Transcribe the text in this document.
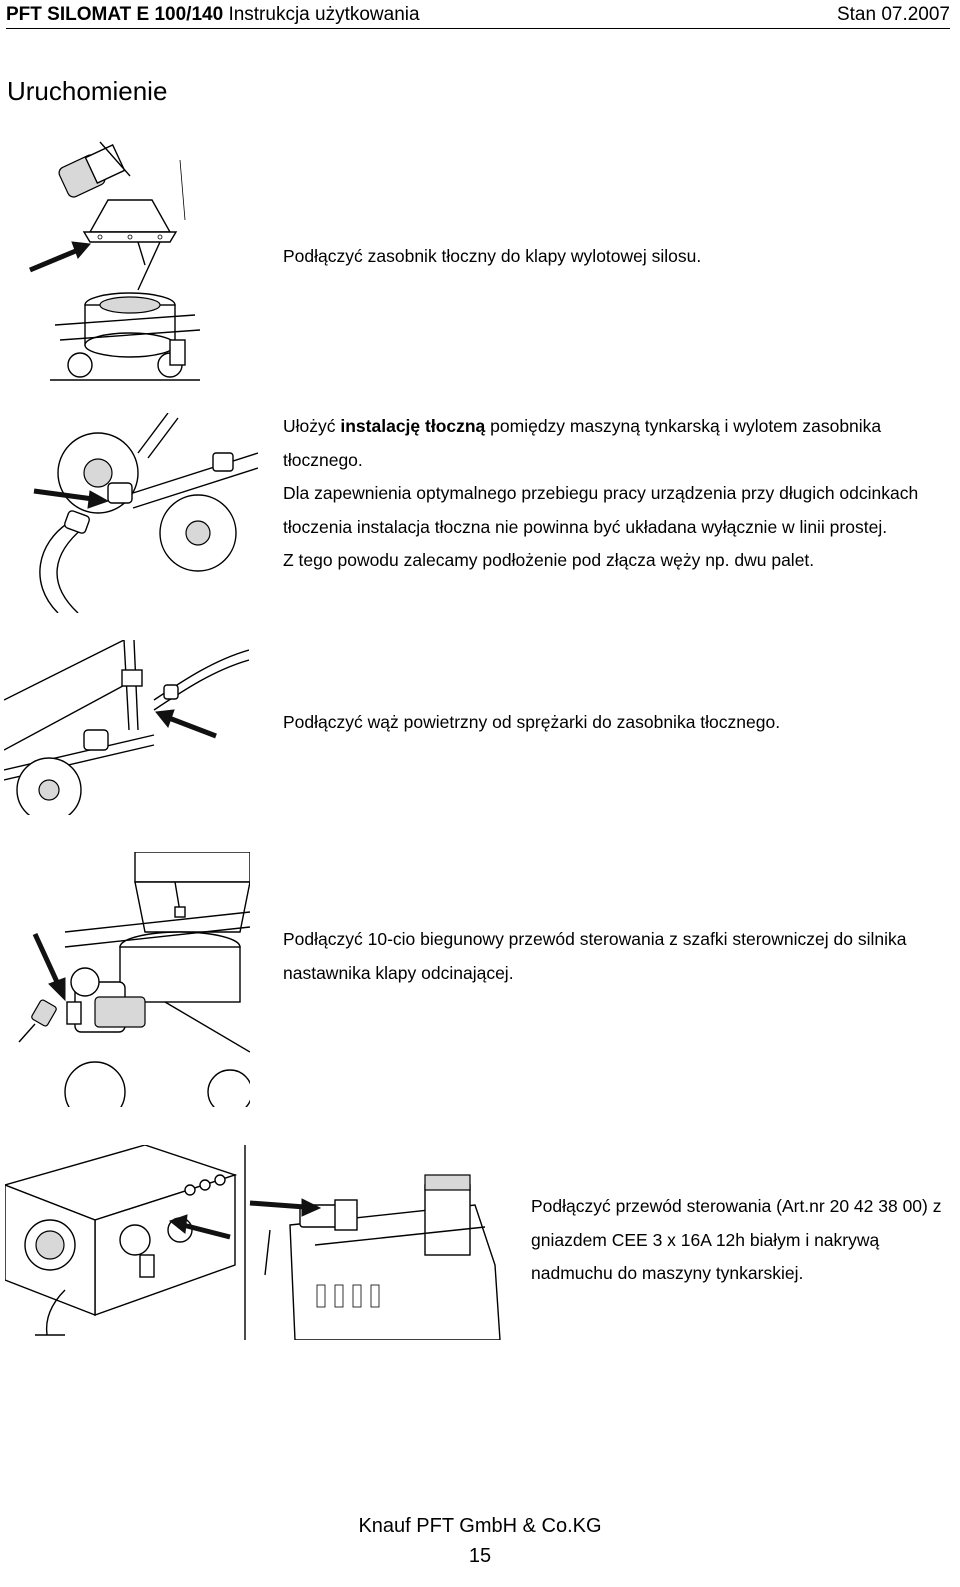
PFT SILOMAT E 100/140 Instrukcja użytkowania	Stan 07.2007
Uruchomienie
Podłączyć zasobnik tłoczny do klapy wylotowej silosu.
Ułożyć instalację tłoczną pomiędzy maszyną tynkarską i wylotem zasobnika tłocznego.
Dla zapewnienia optymalnego przebiegu pracy urządzenia przy długich odcinkach tłoczenia instalacja tłoczna nie powinna być układana wyłącznie w linii prostej.
Z tego powodu zalecamy podłożenie pod złącza węży np. dwu palet.
Podłączyć wąż powietrzny od sprężarki do zasobnika tłocznego.
Podłączyć 10-cio biegunowy przewód sterowania z szafki sterowniczej do silnika nastawnika klapy odcinającej.
Podłączyć przewód sterowania (Art.nr 20 42 38 00) z gniazdem CEE 3 x 16A 12h białym i nakrywą nadmuchu do maszyny tynkarskiej.
Knauf PFT GmbH & Co.KG
15
